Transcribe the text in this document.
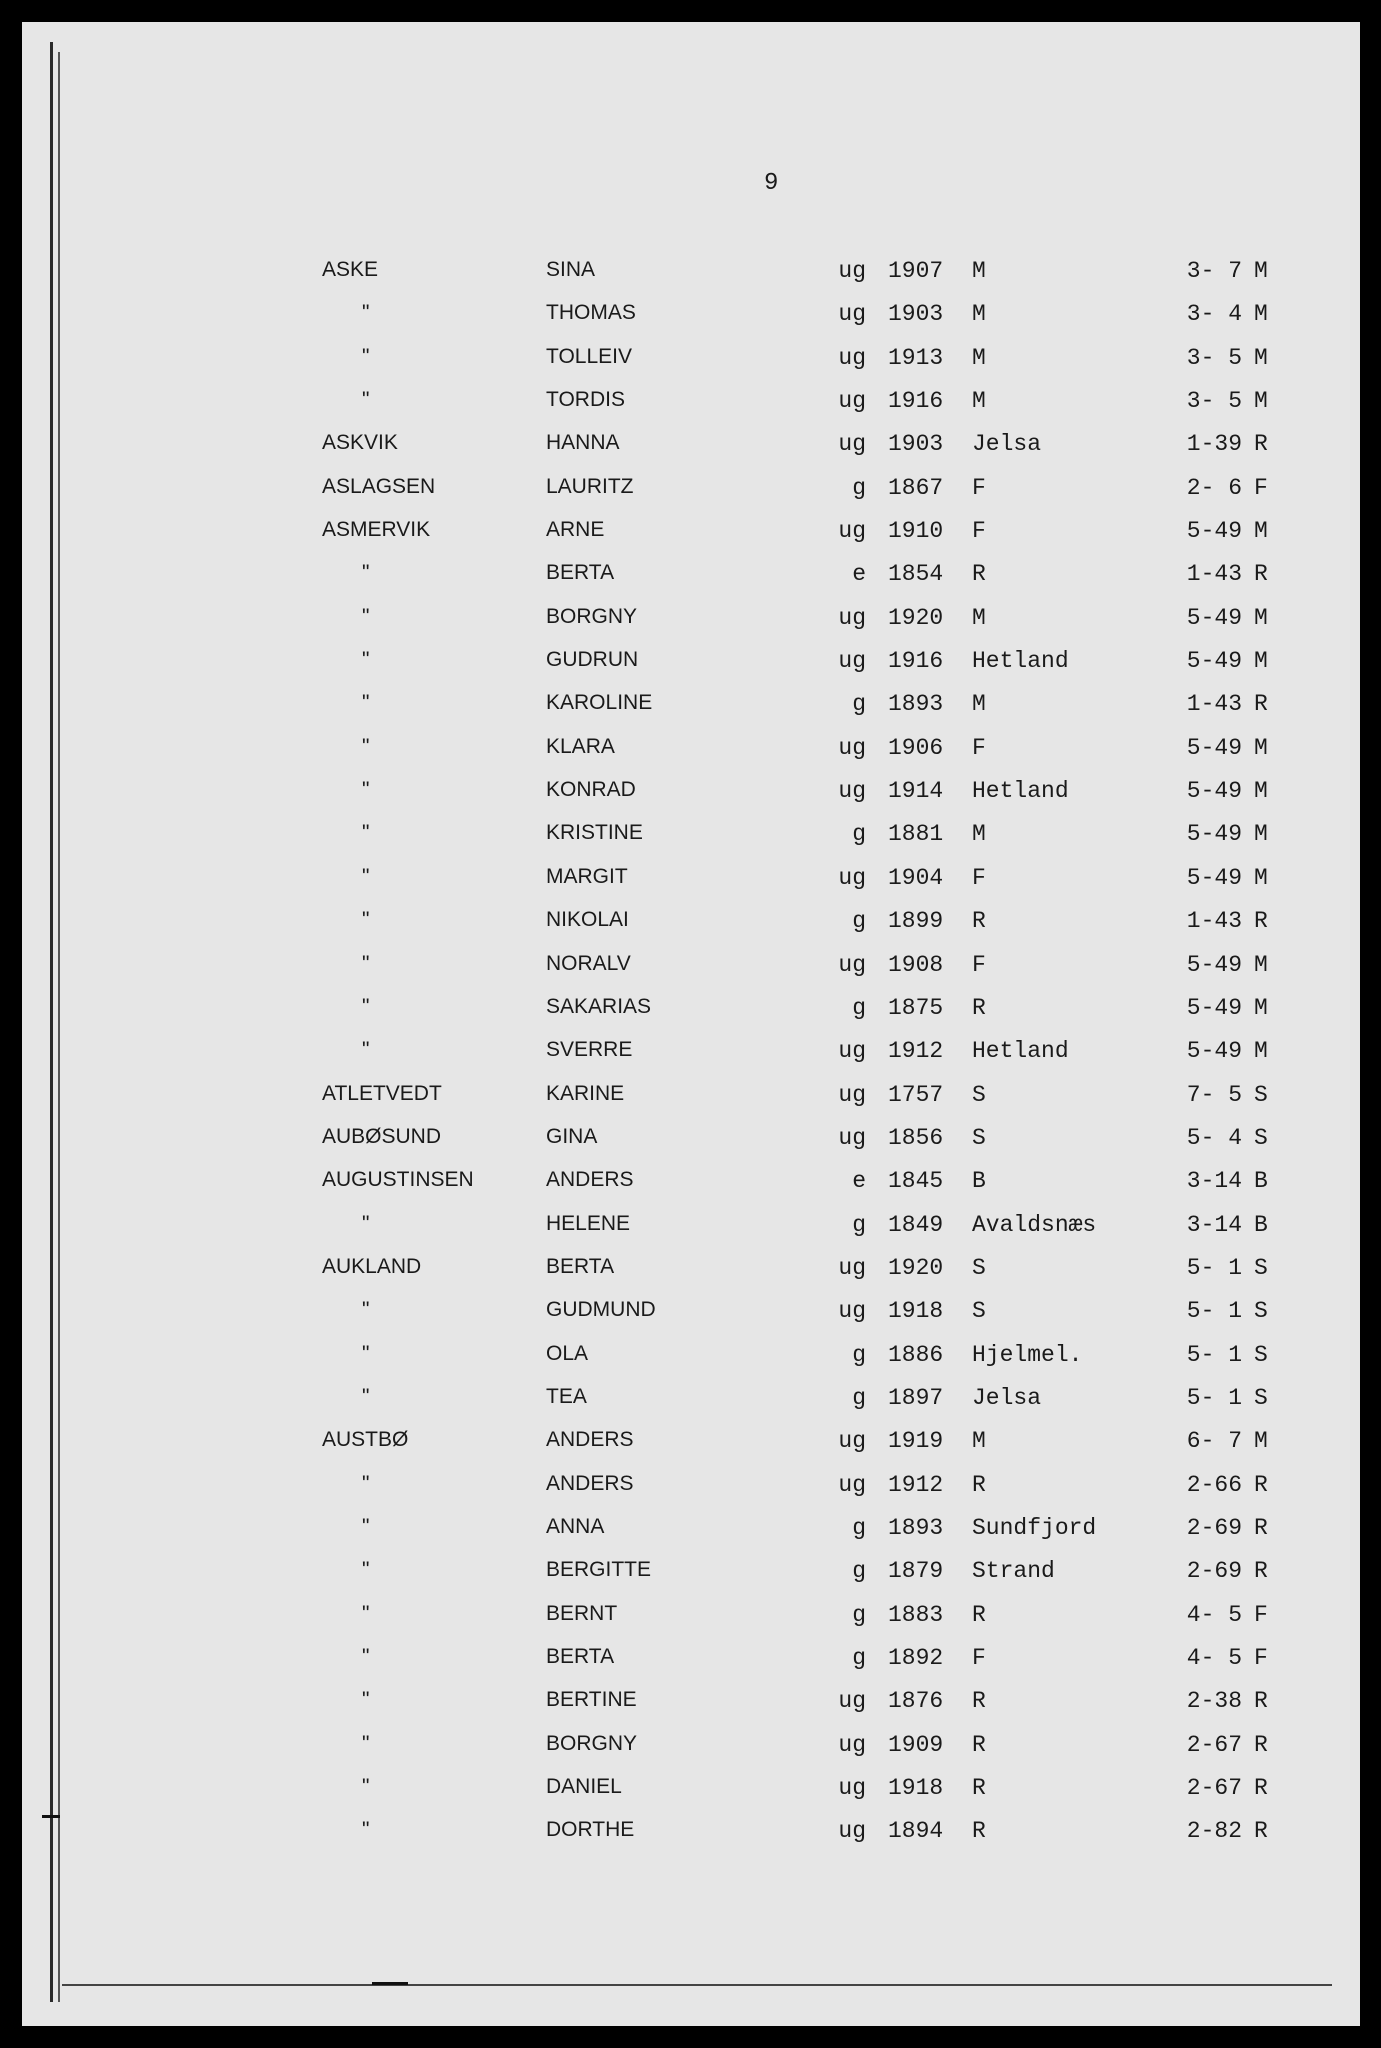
9
ASKE	SINA	ug 1907 M	3- 7 M
"	THOMAS	ug 1903 M	3- 4 M
"	TOLLEIV	ug 1913 M	3- 5 M
"	TORDIS	ug 1916 M	3- 5 M
ASKVIK	HANNA	ug 1903 Jelsa	1-39 R
ASLAGSEN	LAURITZ	g 1867 F	2- 6 F
ASMERVIK	ARNE	ug 1910 F	5-49 M
"	BERTA	e 1854 R	1-43 R
"	BORGNY	ug 1920 M	5-49 M
"	GUDRUN	ug 1916 Hetland	5-49 M
"	KAROLINE	g 1893 M	1-43 R
"	KLARA	ug 1906 F	5-49 M
"	KONRAD	ug 1914 Hetland	5-49 M
"	KRISTINE	g 1881 M	5-49 M
"	MARGIT	ug 1904 F	5-49 M
"	NIKOLAI	g 1899 R	1-43 R
"	NORALV	ug 1908 F	5-49 M
"	SAKARIAS	g 1875 R	5-49 M
"	SVERRE	ug 1912 Hetland	5-49 M
ATLETVEDT	KARINE	ug 1757 S	7- 5 S
AUBØSUND	GINA	ug 1856 S	5- 4 S
AUGUSTINSEN	ANDERS	e 1845 B	3-14 B
"	HELENE	g 1849 Avaldsnæs	3-14 B
AUKLAND	BERTA	ug 1920 S	5- 1 S
"	GUDMUND	ug 1918 S	5- 1 S
"	OLA	g 1886 Hjelmel.	5- 1 S
"	TEA	g 1897 Jelsa	5- 1 S
AUSTBØ	ANDERS	ug 1919 M	6- 7 M
"	ANDERS	ug 1912 R	2-66 R
"	ANNA	g 1893 Sundfjord	2-69 R
"	BERGITTE	g 1879 Strand	2-69 R
"	BERNT	g 1883 R	4- 5 F
"	BERTA	g 1892 F	4- 5 F
"	BERTINE	ug 1876 R	2-38 R
"	BORGNY	ug 1909 R	2-67 R
"	DANIEL	ug 1918 R	2-67 R
"	DORTHE	ug 1894 R	2-82 R
